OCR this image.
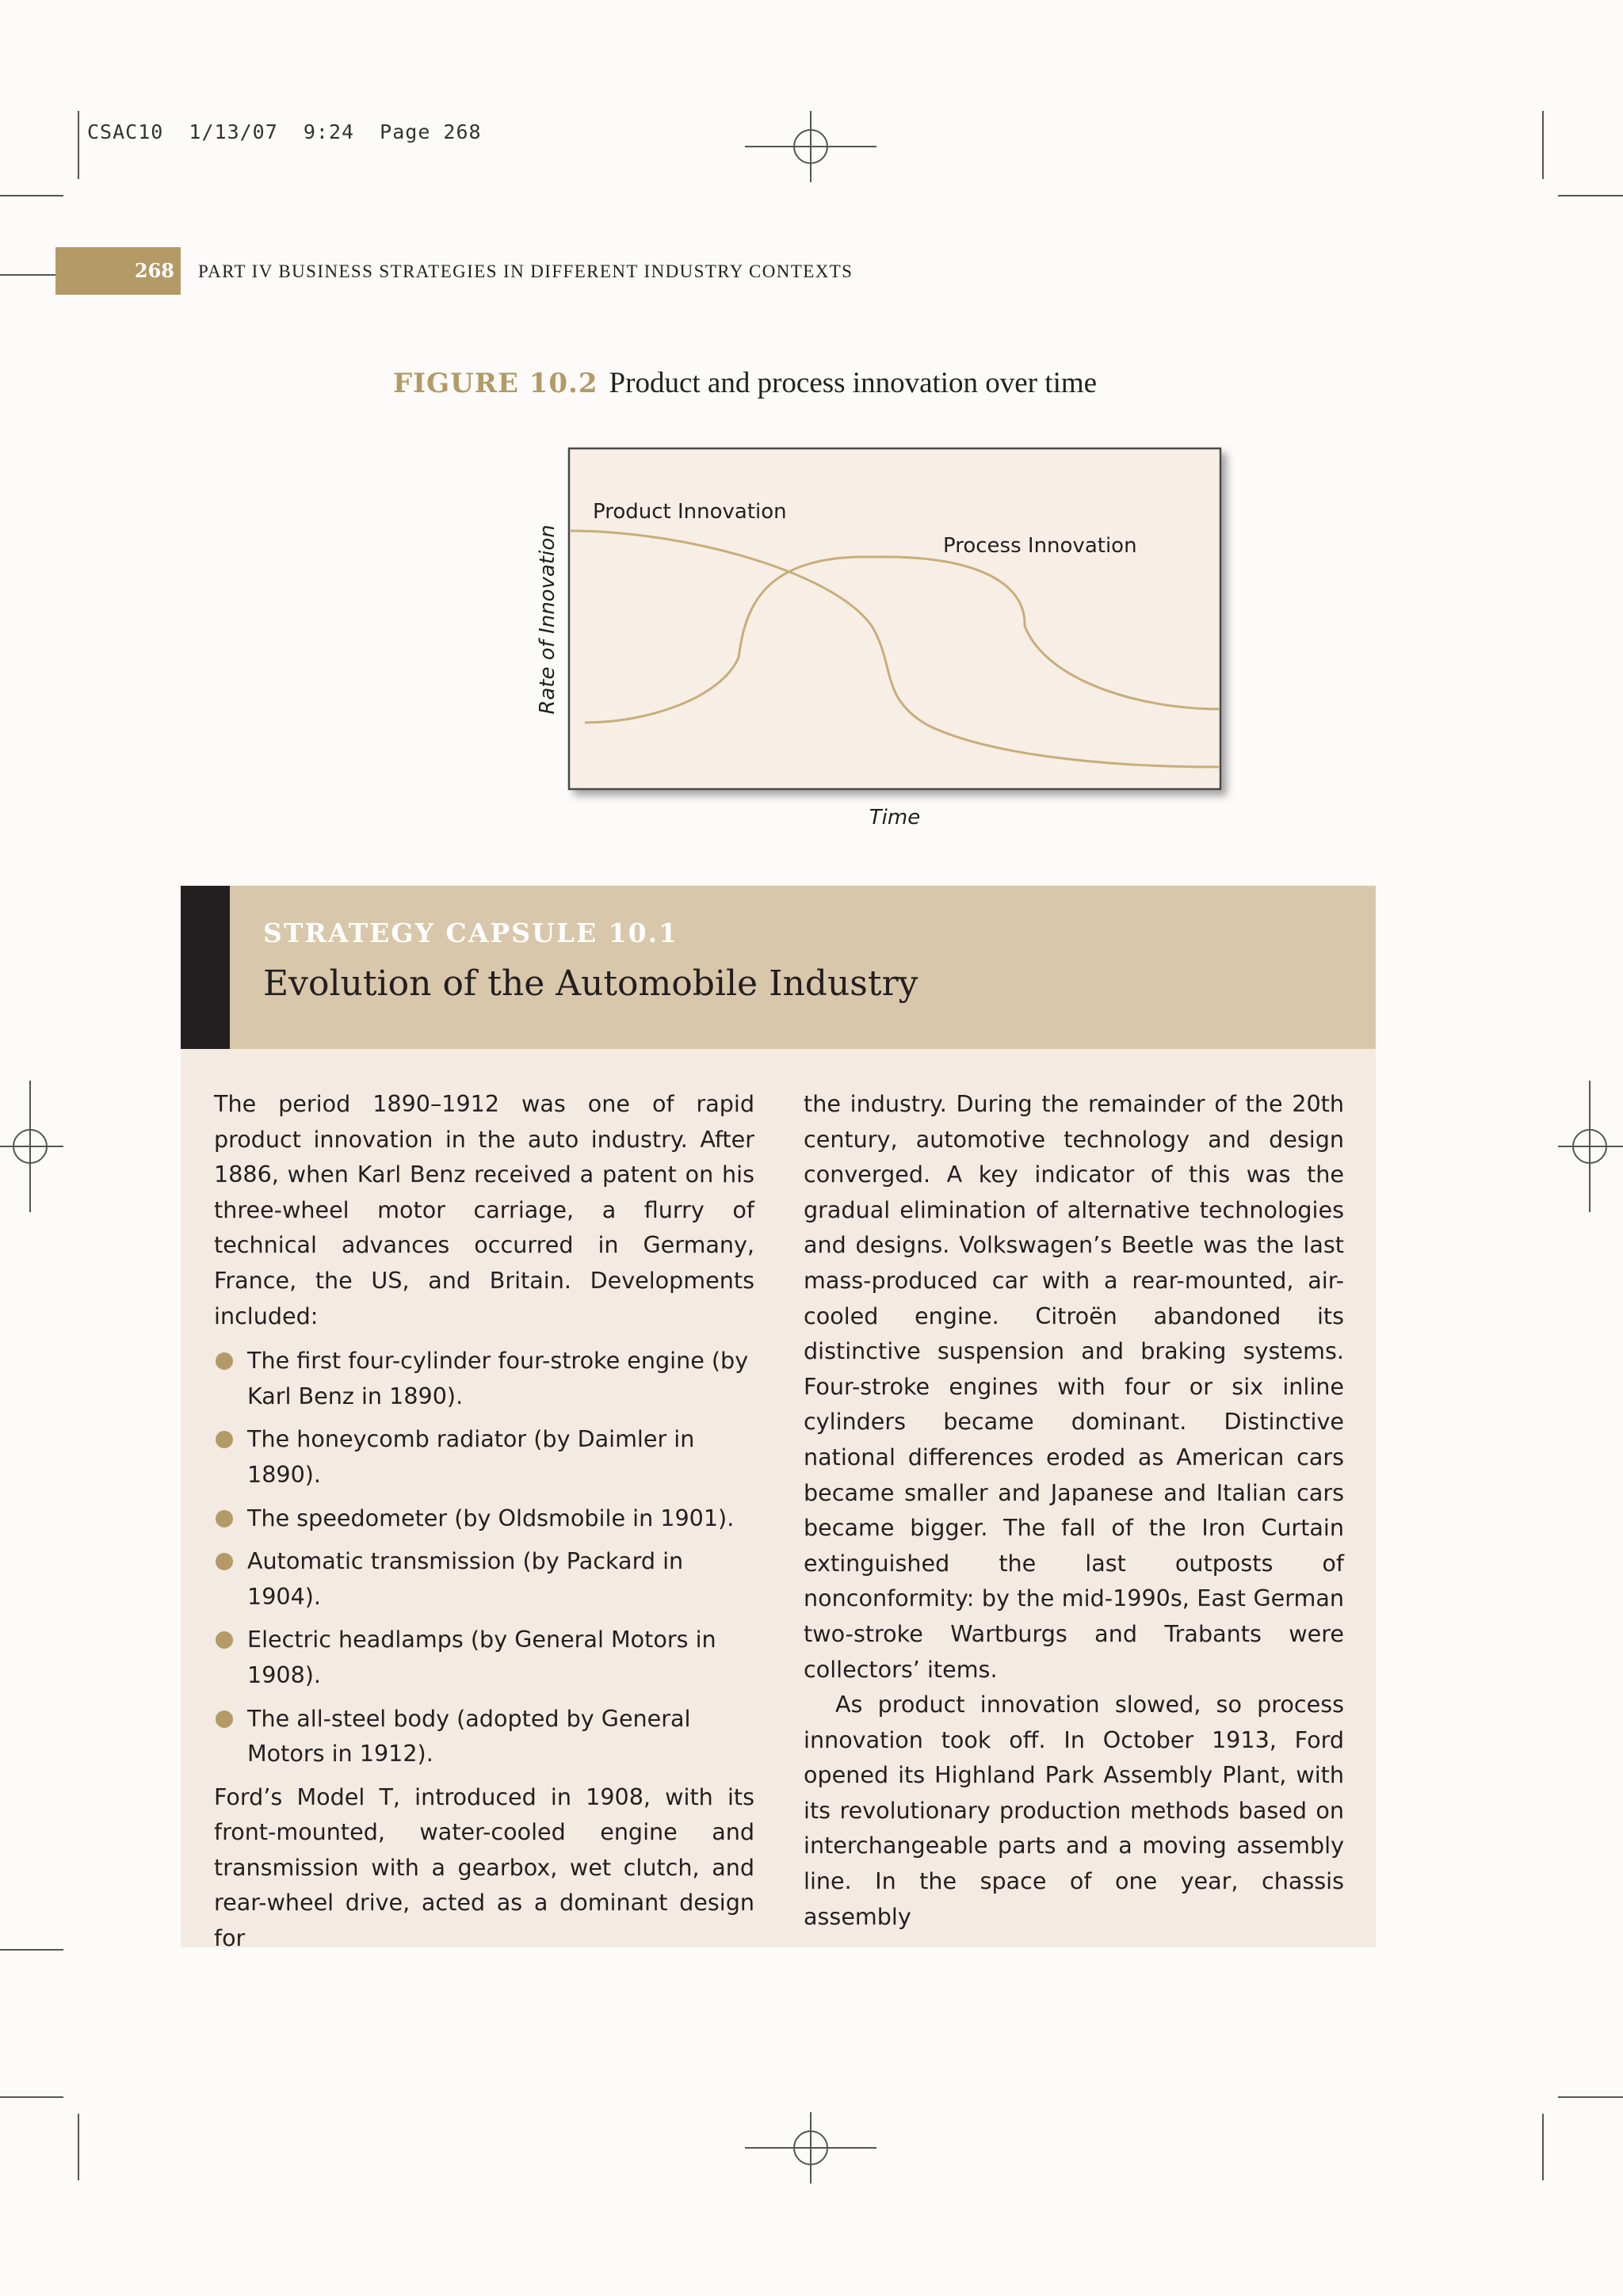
CSAC10  1/13/07  9:24  Page 268
268 PART IV BUSINESS STRATEGIES IN DIFFERENT INDUSTRY CONTEXTS
FIGURE 10.2 Product and process innovation over time
Product Innovation
Process Innovation
Rate of Innovation
Time
STRATEGY CAPSULE 10.1
Evolution of the Automobile Industry

The period 1890–1912 was one of rapid product innovation in the auto industry. After 1886, when Karl Benz received a patent on his three-wheel motor carriage, a flurry of technical advances occurred in Germany, France, the US, and Britain. Developments included:

The first four-cylinder four-stroke engine (by Karl Benz in 1890).
The honeycomb radiator (by Daimler in 1890).
The speedometer (by Oldsmobile in 1901).
Automatic transmission (by Packard in 1904).
Electric headlamps (by General Motors in 1908).
The all-steel body (adopted by General Motors in 1912).

Ford’s Model T, introduced in 1908, with its front-mounted, water-cooled engine and transmission with a gearbox, wet clutch, and rear-wheel drive, acted as a dominant design for

the industry. During the remainder of the 20th century, automotive technology and design converged. A key indicator of this was the gradual elimination of alternative technologies and designs. Volkswagen’s Beetle was the last mass-produced car with a rear-mounted, air-cooled engine. Citroën abandoned its distinctive suspension and braking systems. Four-stroke engines with four or six inline cylinders became dominant. Distinctive national differences eroded as American cars became smaller and Japanese and Italian cars became bigger. The fall of the Iron Curtain extinguished the last outposts of nonconformity: by the mid-1990s, East German two-stroke Wartburgs and Trabants were collectors’ items.

As product innovation slowed, so process innovation took off. In October 1913, Ford opened its Highland Park Assembly Plant, with its revolutionary production methods based on interchangeable parts and a moving assembly line. In the space of one year, chassis assembly
